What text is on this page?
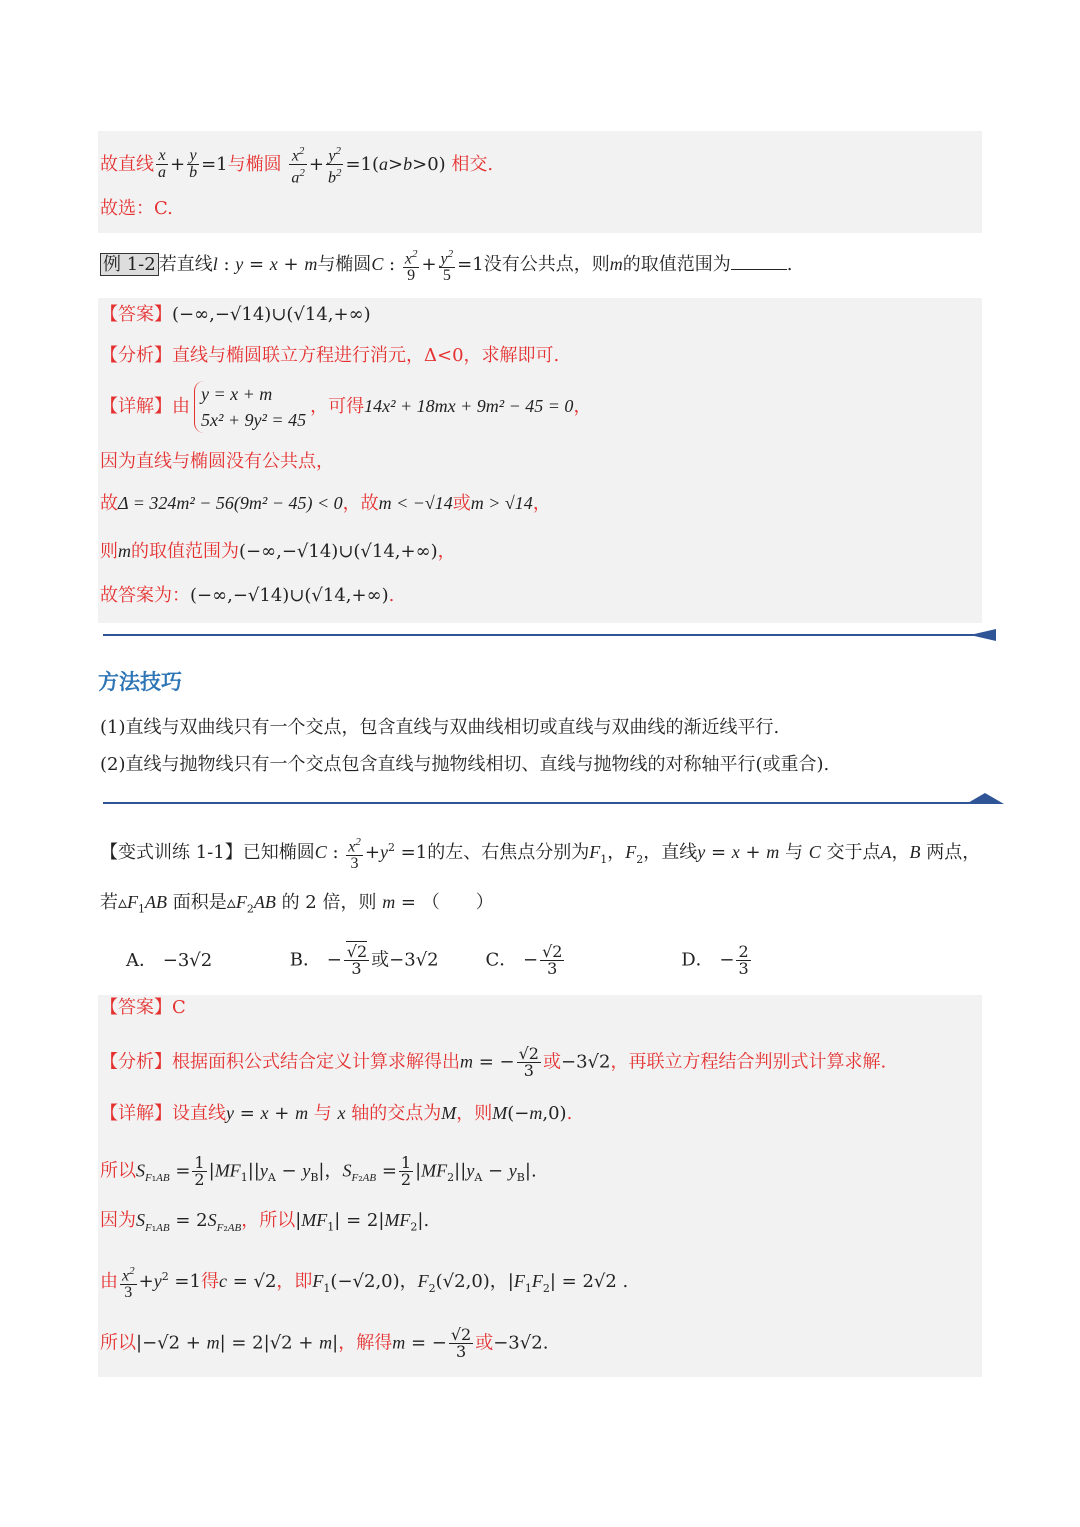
故直线 $\frac{x}{a} + \frac{y}{b} =1$与椭圆 $\frac{x^2}{a^2} + \frac{y^2}{b^2} =1(a>b>0)$ 相交.
故选：C.
例 1-2 若直线l : y = x + m与椭圆C : $\frac{x^2}{9} + \frac{y^2}{5} =1$没有公共点，则m的取值范围为	.
【答案】(−∞,−√14)∪(√14,+∞)
【分析】直线与椭圆联立方程进行消元，Δ<0，求解即可.
【详解】由
y = x + m
5x² + 9y² = 45
，可得14x² + 18mx + 9m² − 45 = 0，
因为直线与椭圆没有公共点，
故Δ = 324m² − 56(9m² − 45) < 0，故m < −√14或m > √14，
则m的取值范围为(−∞,−√14)∪(√14,+∞)，
故答案为：(−∞,−√14)∪(√14,+∞).
方法技巧
(1)直线与双曲线只有一个交点，包含直线与双曲线相切或直线与双曲线的渐近线平行.
(2)直线与抛物线只有一个交点包含直线与抛物线相切、直线与抛物线的对称轴平行(或重合).
【变式训练 1-1】已知椭圆C : $\frac{x^2}{3} +y^2 =1$的左、右焦点分别为$F_1$，$F_2$，直线y = x + m 与 C 交于点A，B 两点，
若$▵F_1AB$ 面积是$▵F_2AB$ 的 2 倍，则 m = （　　）
A． −3√2	B． − $\frac{√2}{3}$ 或−3√2	C． − $\frac{√2}{3}$	D． − $\frac{2}{3}$
【答案】C
【分析】根据面积公式结合定义计算求解得出m = − $\frac{√2}{3}$ 或−3√2，再联立方程结合判别式计算求解.
【详解】设直线y = x + m 与 x 轴的交点为M，则M(−m,0).
所以$S_{F_1AB} = \frac{1}{2} |MF_1||y_A - y_B|$，$S_{F_2AB} = \frac{1}{2} |MF_2||y_A - y_B|$.
因为$S_{F_1AB} = 2S_{F_2AB}$，所以$|MF_1| = 2|MF_2|$.
由 $\frac{x^2}{3} +y^2 =1$得c = √2，即$F_1(-√2,0)$，$F_2(√2,0)$，$|F_1F_2| = 2√2$ .
所以|−√2 + m| = 2|√2 + m|，解得m = − $\frac{√2}{3}$ 或−3√2.
